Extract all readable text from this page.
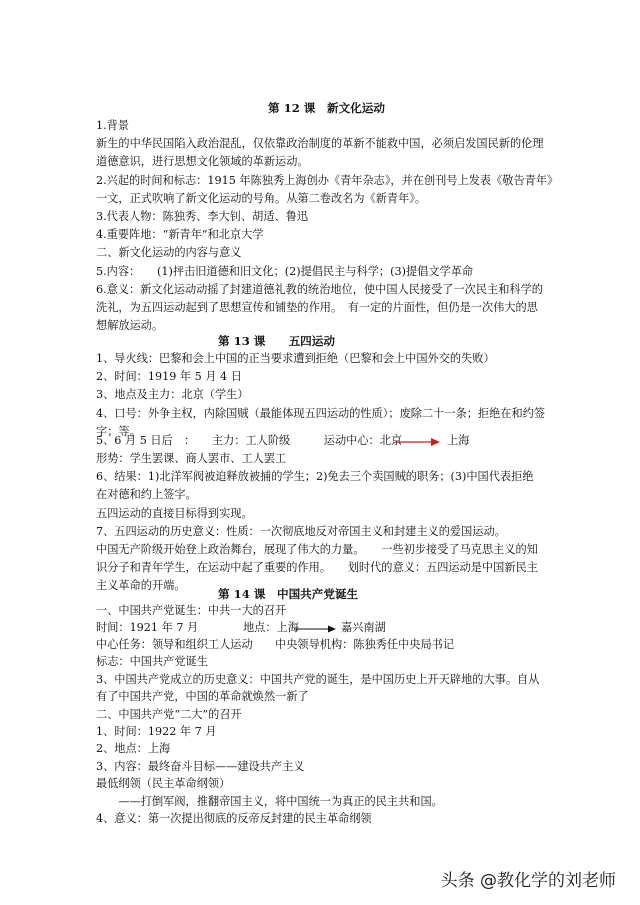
第 12 课　新文化运动
1.背景
新生的中华民国陷入政治混乱，仅依靠政治制度的革新不能救中国，必须启发国民新的伦理
道德意识，进行思想文化领域的革新运动。
2.兴起的时间和标志：1915 年陈独秀上海创办《青年杂志》，并在创刊号上发表《敬告青年》
一文，正式吹响了新文化运动的号角。从第二卷改名为《新青年》。
3.代表人物：陈独秀、李大钊、胡适、鲁迅
4.重要阵地：“新青年”和北京大学
二、新文化运动的内容与意义
5.内容：　　(1)抨击旧道德和旧文化；(2)提倡民主与科学；(3)提倡文学革命
6.意义：新文化运动动摇了封建道德礼教的统治地位，使中国人民接受了一次民主和科学的
洗礼，为五四运动起到了思想宣传和铺垫的作用。　有一定的片面性，但仍是一次伟大的思
想解放运动。
第 13 课　　五四运动
1、导火线：巴黎和会上中国的正当要求遭到拒绝（巴黎和会上中国外交的失败）
2、时间：1919 年 5 月 4 日
3、地点及主力：北京（学生）
4、口号：外争主权，内除国贼（最能体现五四运动的性质）；废除二十一条；拒绝在和约签
字；等。
5、6 月 5 日后　：　　主力：工人阶级　　　运动中心：北京	上海
形势：学生罢课、商人罢市、工人罢工
6、结果：1)北洋军阀被迫释放被捕的学生；2)免去三个卖国贼的职务；(3)中国代表拒绝
在对德和约上签字。
五四运动的直接目标得到实现。
7、五四运动的历史意义：性质：一次彻底地反对帝国主义和封建主义的爱国运动。
中国无产阶级开始登上政治舞台，展现了伟大的力量。　　一些初步接受了马克思主义的知
识分子和青年学生，在运动中起了重要的作用。　　划时代的意义：五四运动是中国新民主
主义革命的开端。
第 14 课　中国共产党诞生
一、中国共产党诞生：中共一大的召开
时间：1921 年 7 月　　　　地点：上海	嘉兴南湖
中心任务：领导和组织工人运动　　中央领导机构：陈独秀任中央局书记
标志：中国共产党诞生
3、中国共产党成立的历史意义：中国共产党的诞生，是中国历史上开天辟地的大事。自从
有了中国共产党，中国的革命就焕然一新了
二、中国共产党“二大”的召开
1、时间：1922 年 7 月
2、地点：上海
3、内容：最终奋斗目标——建设共产主义
最低纲领（民主革命纲领）
　　——打倒军阀，推翻帝国主义，将中国统一为真正的民主共和国。
4、意义：第一次提出彻底的反帝反封建的民主革命纲领
头条 @教化学的刘老师
